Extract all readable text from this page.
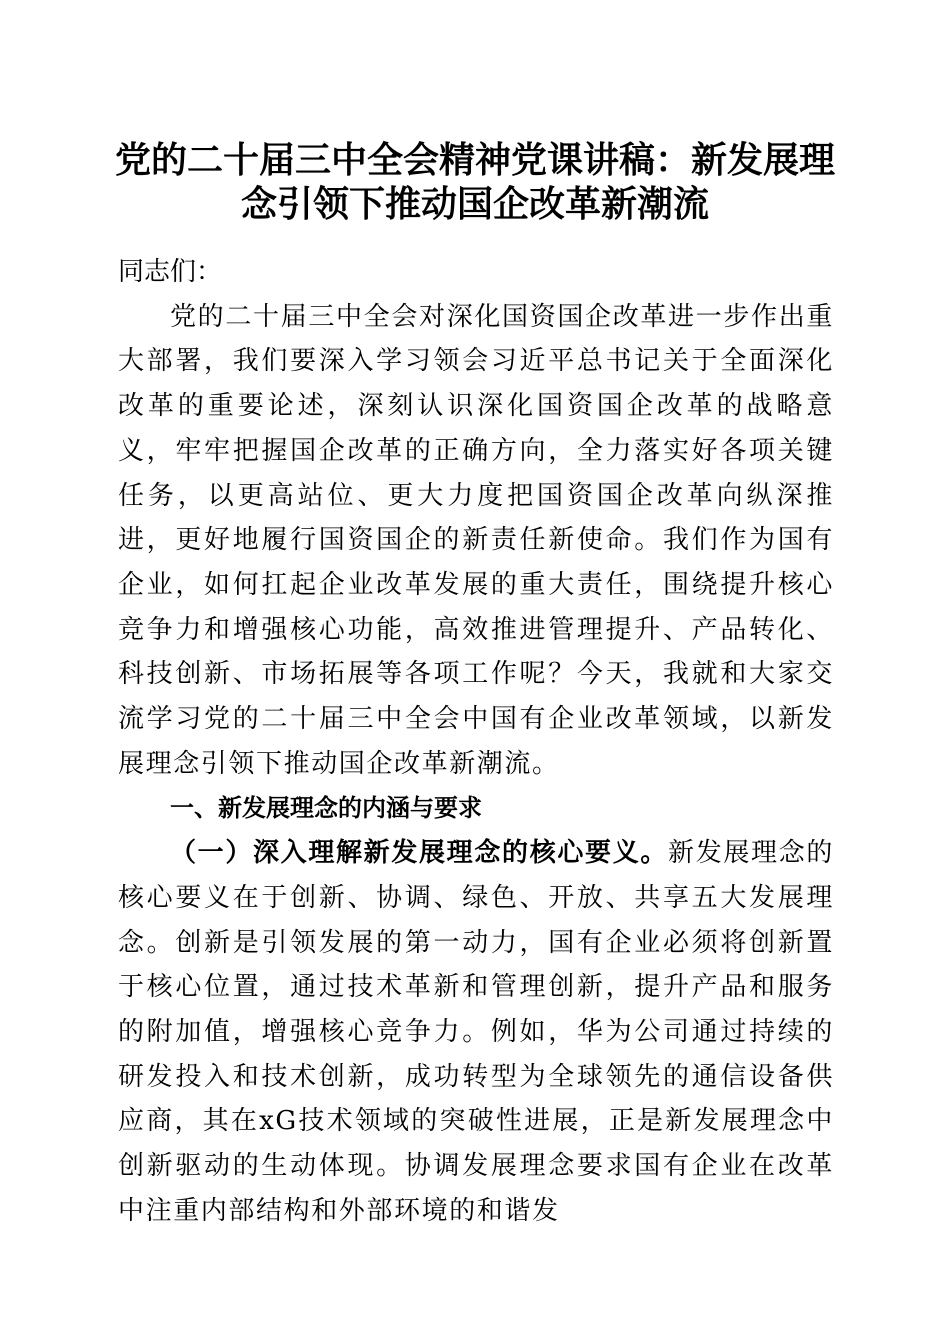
党的二十届三中全会精神党课讲稿：新发展理念引领下推动国企改革新潮流

同志们：

党的二十届三中全会对深化国资国企改革进一步作出重大部署，我们要深入学习领会习近平总书记关于全面深化改革的重要论述，深刻认识深化国资国企改革的战略意义，牢牢把握国企改革的正确方向，全力落实好各项关键任务，以更高站位、更大力度把国资国企改革向纵深推进，更好地履行国资国企的新责任新使命。我们作为国有企业，如何扛起企业改革发展的重大责任，围绕提升核心竞争力和增强核心功能，高效推进管理提升、产品转化、科技创新、市场拓展等各项工作呢？今天，我就和大家交流学习党的二十届三中全会中国有企业改革领域，以新发展理念引领下推动国企改革新潮流。

一、新发展理念的内涵与要求

（一）深入理解新发展理念的核心要义。新发展理念的核心要义在于创新、协调、绿色、开放、共享五大发展理念。创新是引领发展的第一动力，国有企业必须将创新置于核心位置，通过技术革新和管理创新，提升产品和服务的附加值，增强核心竞争力。例如，华为公司通过持续的研发投入和技术创新，成功转型为全球领先的通信设备供应商，其在xG技术领域的突破性进展，正是新发展理念中创新驱动的生动体现。协调发展理念要求国有企业在改革中注重内部结构和外部环境的和谐发
